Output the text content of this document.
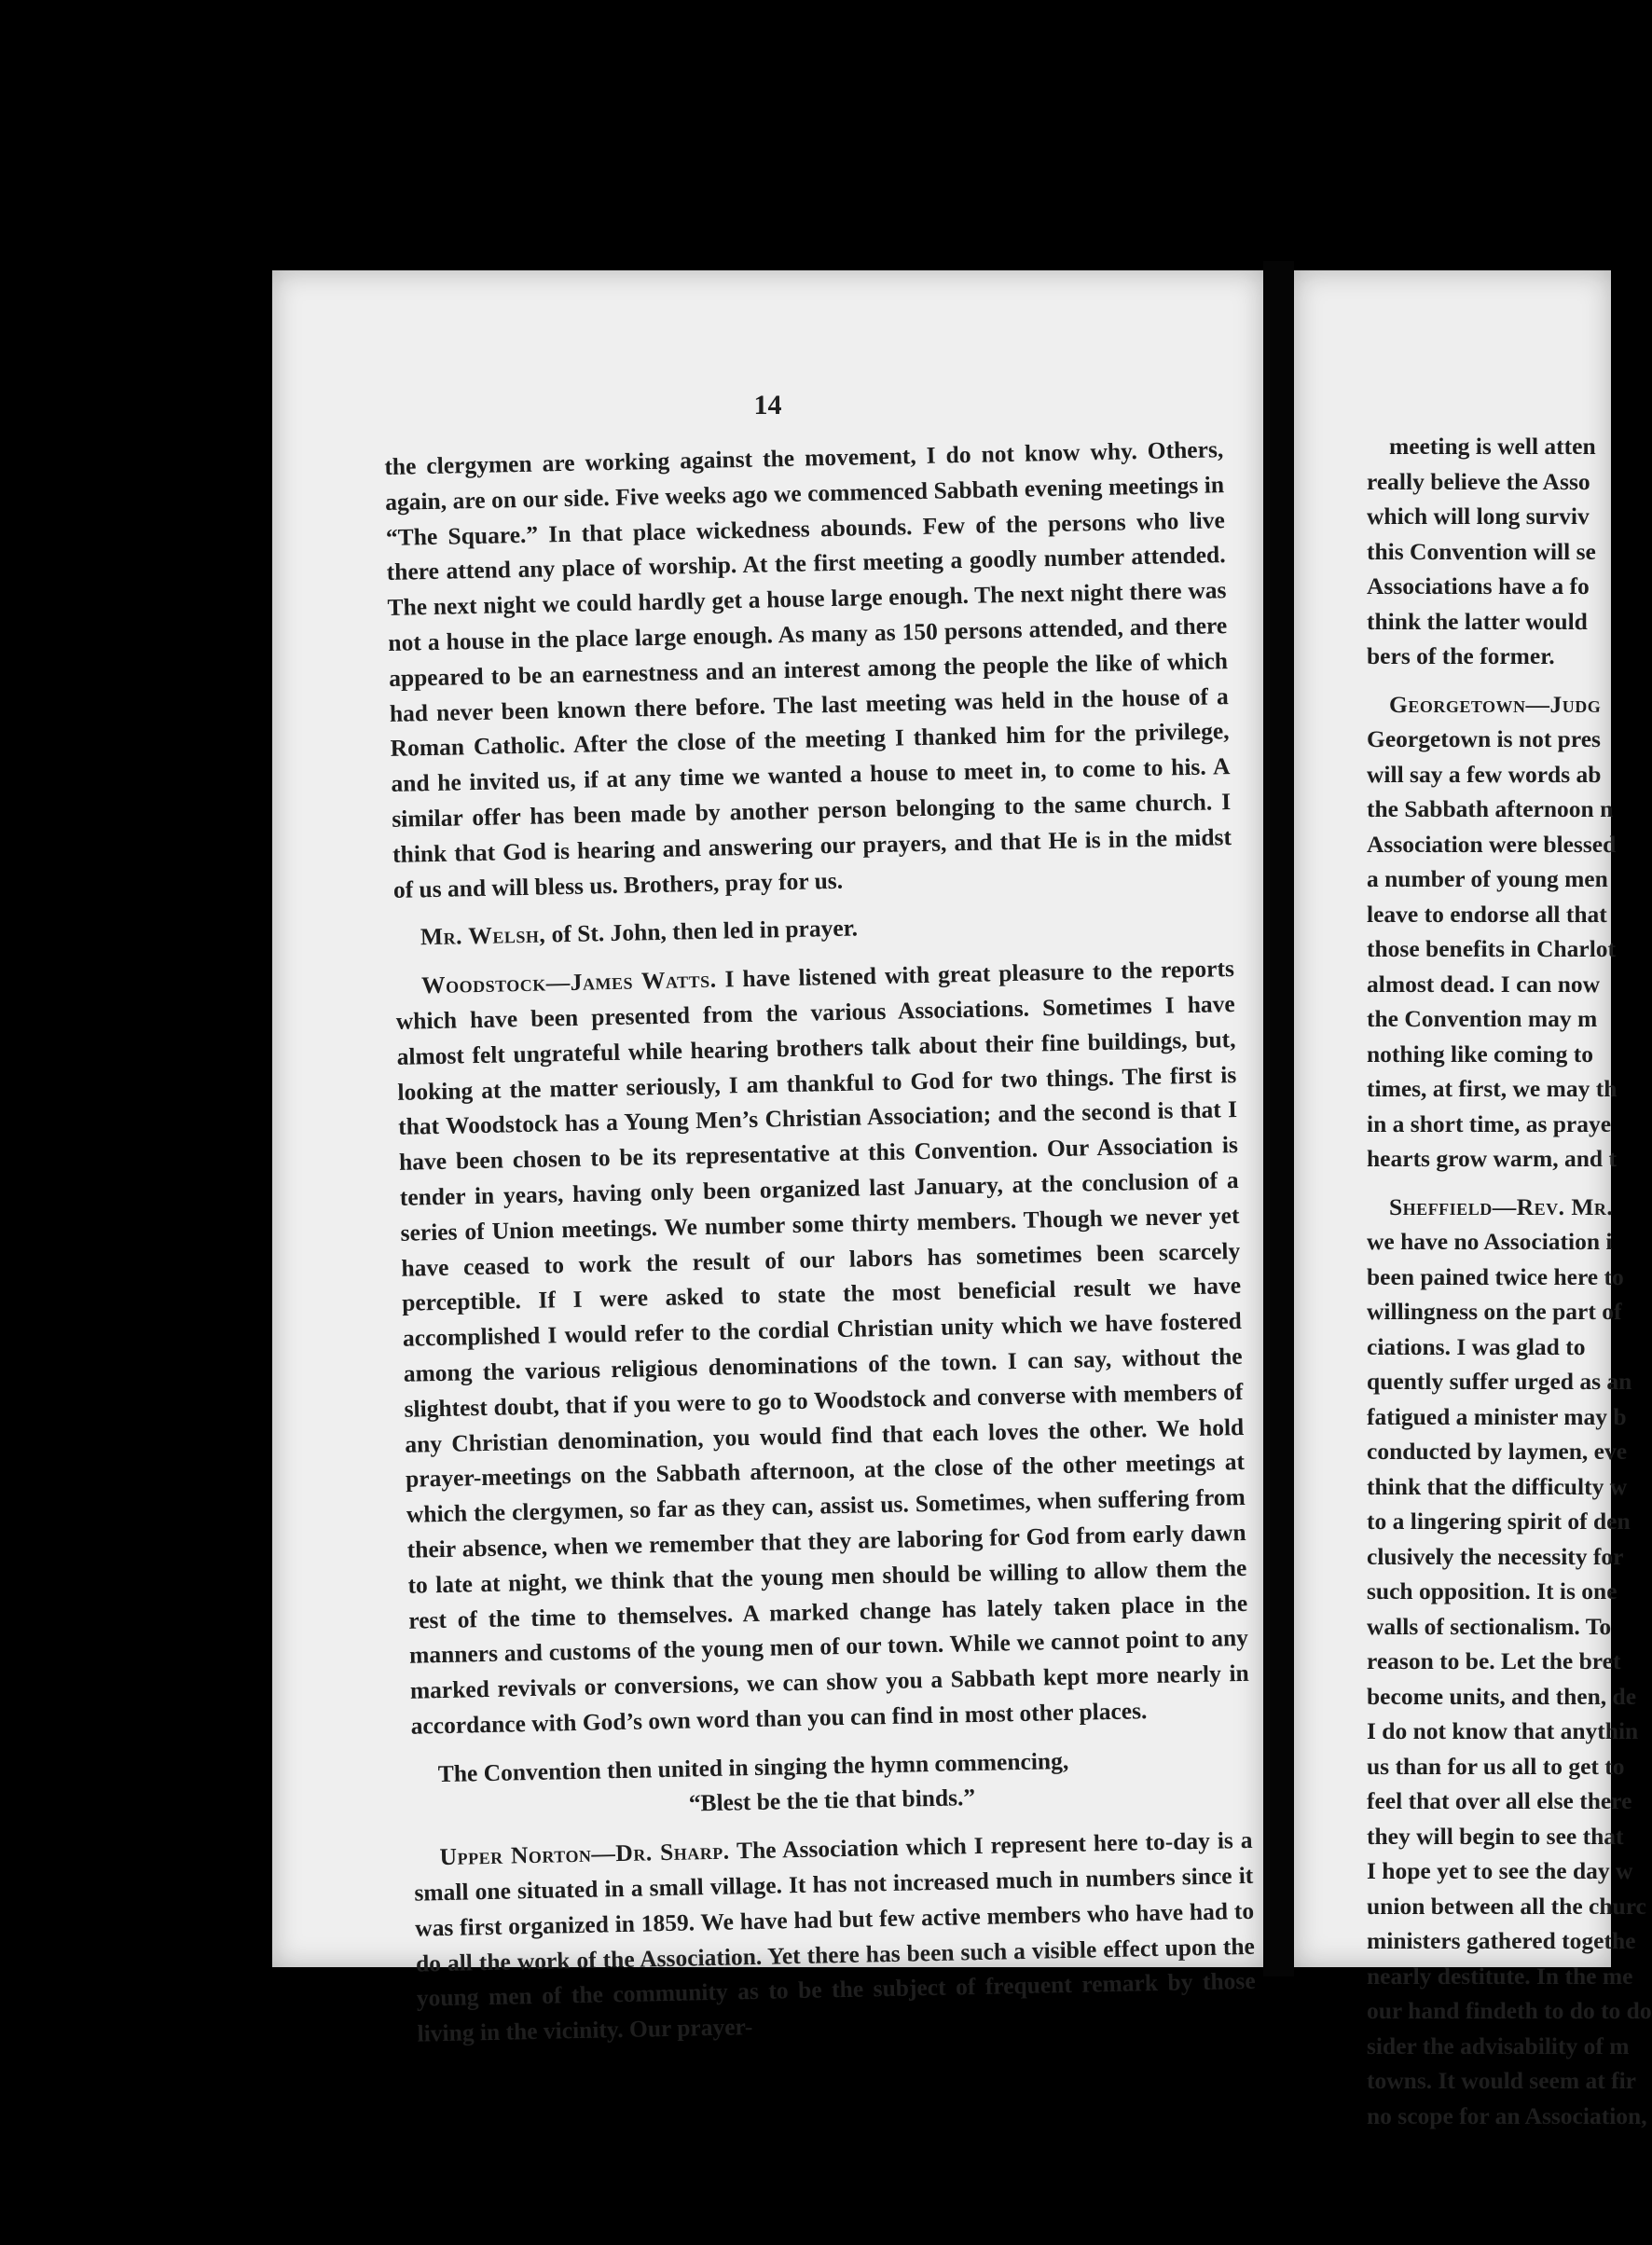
14

the clergymen are working against the movement, I do not know why. Others, again, are on our side. Five weeks ago we commenced Sabbath evening meetings in “The Square.” In that place wickedness abounds. Few of the persons who live there attend any place of worship. At the first meeting a goodly number attended. The next night we could hardly get a house large enough. The next night there was not a house in the place large enough. As many as 150 persons attended, and there appeared to be an earnestness and an interest among the people the like of which had never been known there before. The last meeting was held in the house of a Roman Catholic. After the close of the meeting I thanked him for the privilege, and he invited us, if at any time we wanted a house to meet in, to come to his. A similar offer has been made by another person belonging to the same church. I think that God is hearing and answering our prayers, and that He is in the midst of us and will bless us. Brothers, pray for us.

Mr. Welsh, of St. John, then led in prayer.

Woodstock—James Watts. I have listened with great pleasure to the reports which have been presented from the various Associations. Sometimes I have almost felt ungrateful while hearing brothers talk about their fine buildings, but, looking at the matter seriously, I am thankful to God for two things. The first is that Woodstock has a Young Men’s Christian Association; and the second is that I have been chosen to be its representative at this Convention. Our Association is tender in years, having only been organized last January, at the conclusion of a series of Union meetings. We number some thirty members. Though we never yet have ceased to work the result of our labors has sometimes been scarcely perceptible. If I were asked to state the most beneficial result we have accomplished I would refer to the cordial Christian unity which we have fostered among the various religious denominations of the town. I can say, without the slightest doubt, that if you were to go to Woodstock and converse with members of any Christian denomination, you would find that each loves the other. We hold prayer-meetings on the Sabbath afternoon, at the close of the other meetings at which the clergymen, so far as they can, assist us. Sometimes, when suffering from their absence, when we remember that they are laboring for God from early dawn to late at night, we think that the young men should be willing to allow them the rest of the time to themselves. A marked change has lately taken place in the manners and customs of the young men of our town. While we cannot point to any marked revivals or conversions, we can show you a Sabbath kept more nearly in accordance with God’s own word than you can find in most other places.

The Convention then united in singing the hymn commencing,

“Blest be the tie that binds.”

Upper Norton—Dr. Sharp. The Association which I represent here to-day is a small one situated in a small village. It has not increased much in numbers since it was first organized in 1859. We have had but few active members who have had to do all the work of the Association. Yet there has been such a visible effect upon the young men of the community as to be the subject of frequent remark by those living in the vicinity. Our prayer-

meeting is well atten
really believe the Asso
which will long surviv
this Convention will se
Associations have a fo
think the latter would
bers of the former.
Georgetown—Judg
Georgetown is not pres
will say a few words ab
the Sabbath afternoon n
Association were blessed
a number of young men
leave to endorse all that
those benefits in Charlot
almost dead. I can now
the Convention may m
nothing like coming to
times, at first, we may th
in a short time, as praye
hearts grow warm, and t
Sheffield—Rev. Mr.
we have no Association i
been pained twice here to
willingness on the part of
ciations. I was glad to
quently suffer urged as an
fatigued a minister may b
conducted by laymen, eve
think that the difficulty w
to a lingering spirit of den
clusively the necessity for
such opposition. It is one
walls of sectionalism. To
reason to be. Let the bret
become units, and then, de
I do not know that anythin
us than for us all to get to
feel that over all else there
they will begin to see that
I hope yet to see the day w
union between all the churc
ministers gathered togethe
nearly destitute. In the me
our hand findeth to do to do
sider the advisability of m
towns. It would seem at fir
no scope for an Association,
